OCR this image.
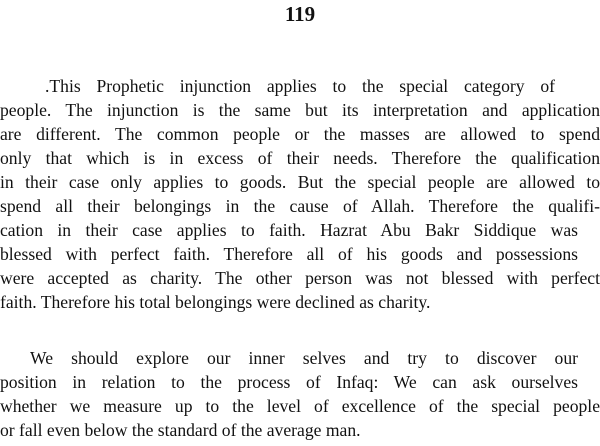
119
.This Prophetic injunction applies to the special category of
people. The injunction is the same but its interpretation and application
are different. The common people or the masses are allowed to spend
only that which is in excess of their needs. Therefore the qualification
in their case only applies to goods. But the special people are allowed to
spend all their belongings in the cause of Allah. Therefore the qualifi-
cation in their case applies to faith. Hazrat Abu Bakr Siddique was
blessed with perfect faith. Therefore all of his goods and possessions
were accepted as charity. The other person was not blessed with perfect
faith. Therefore his total belongings were declined as charity.
We should explore our inner selves and try to discover our
position in relation to the process of Infaq: We can ask ourselves
whether we measure up to the level of excellence of the special people
or fall even below the standard of the average man.
